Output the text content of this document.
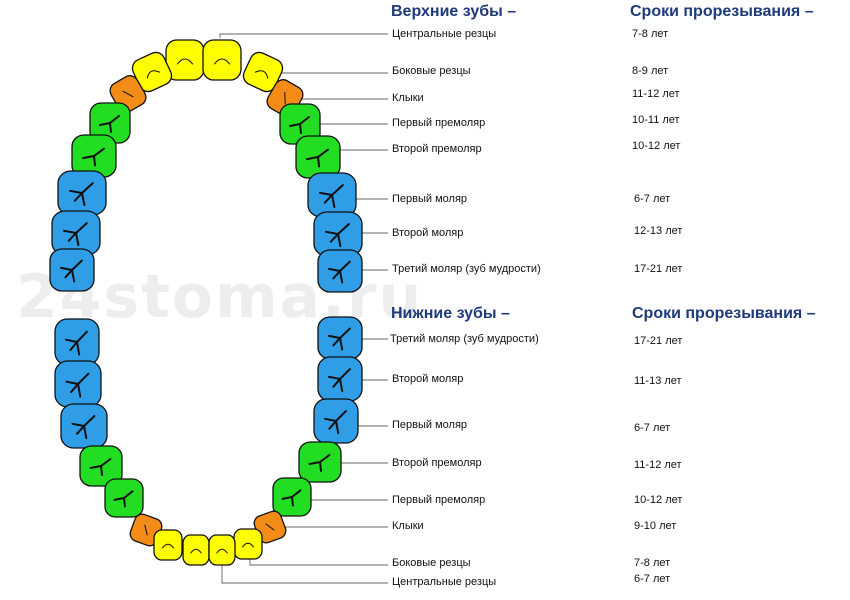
24stoma.ru
Верхние зубы –	Сроки прорезывания –
Центральные резцы
Боковые резцы
Клыки
Первый премоляр
Второй премоляр
Первый моляр
Второй моляр
Третий моляр (зуб мудрости)
7-8 лет
8-9 лет
11-12 лет
10-11 лет
10-12 лет
6-7 лет
12-13 лет
17-21 лет
Нижние зубы –	Сроки прорезывания –
Третий моляр (зуб мудрости)
Второй моляр
Первый моляр
Второй премоляр
Первый премоляр
Клыки
Боковые резцы
Центральные резцы
17-21 лет
11-13 лет
6-7 лет
11-12 лет
10-12 лет
9-10 лет
7-8 лет
6-7 лет
